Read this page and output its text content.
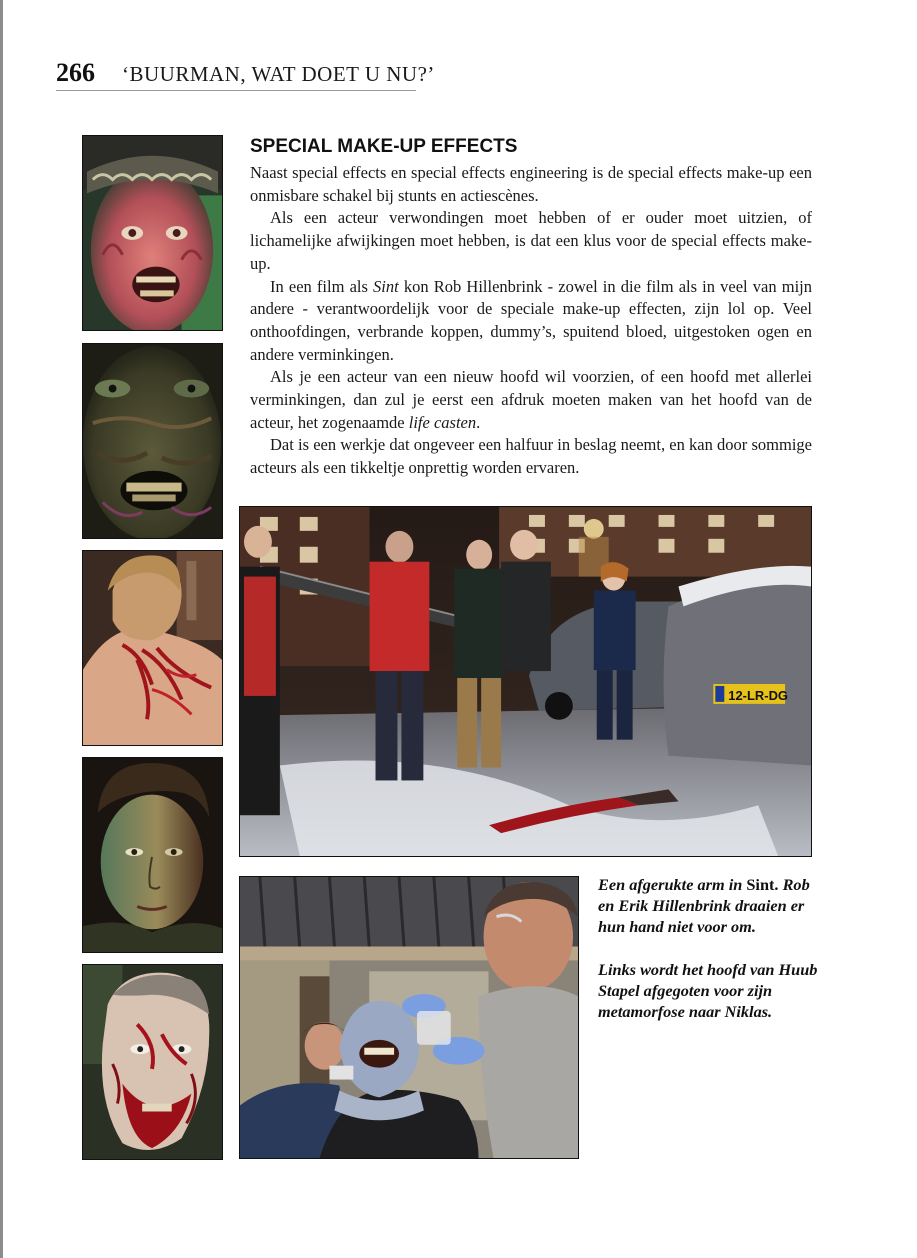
266 ‘BUURMAN, WAT DOET U NU?’
SPECIAL MAKE-UP EFFECTS

Naast special effects en special effects engineering is de special effects make-up een onmisbare schakel bij stunts en actiescènes.

Als een acteur verwondingen moet hebben of er ouder moet uitzien, of lichamelijke afwijkingen moet hebben, is dat een klus voor de special effects make-up.

In een film als Sint kon Rob Hillenbrink - zowel in die film als in veel van mijn andere - verantwoordelijk voor de speciale make-up effecten, zijn lol op. Veel onthoofdingen, verbrande koppen, dummy’s, spuitend bloed, uitgestoken ogen en andere verminkingen.

Als je een acteur van een nieuw hoofd wil voorzien, of een hoofd met allerlei verminkingen, dan zul je eerst een afdruk moeten maken van het hoofd van de acteur, het zogenaamde life casten.

Dat is een werkje dat ongeveer een halfuur in beslag neemt, en kan door sommige acteurs als een tikkeltje onprettig worden ervaren.

12-LR-DG

Een afgerukte arm in Sint. Rob en Erik Hillenbrink draaien er hun hand niet voor om.

Links wordt het hoofd van Huub Stapel afgegoten voor zijn metamorfose naar Niklas.
